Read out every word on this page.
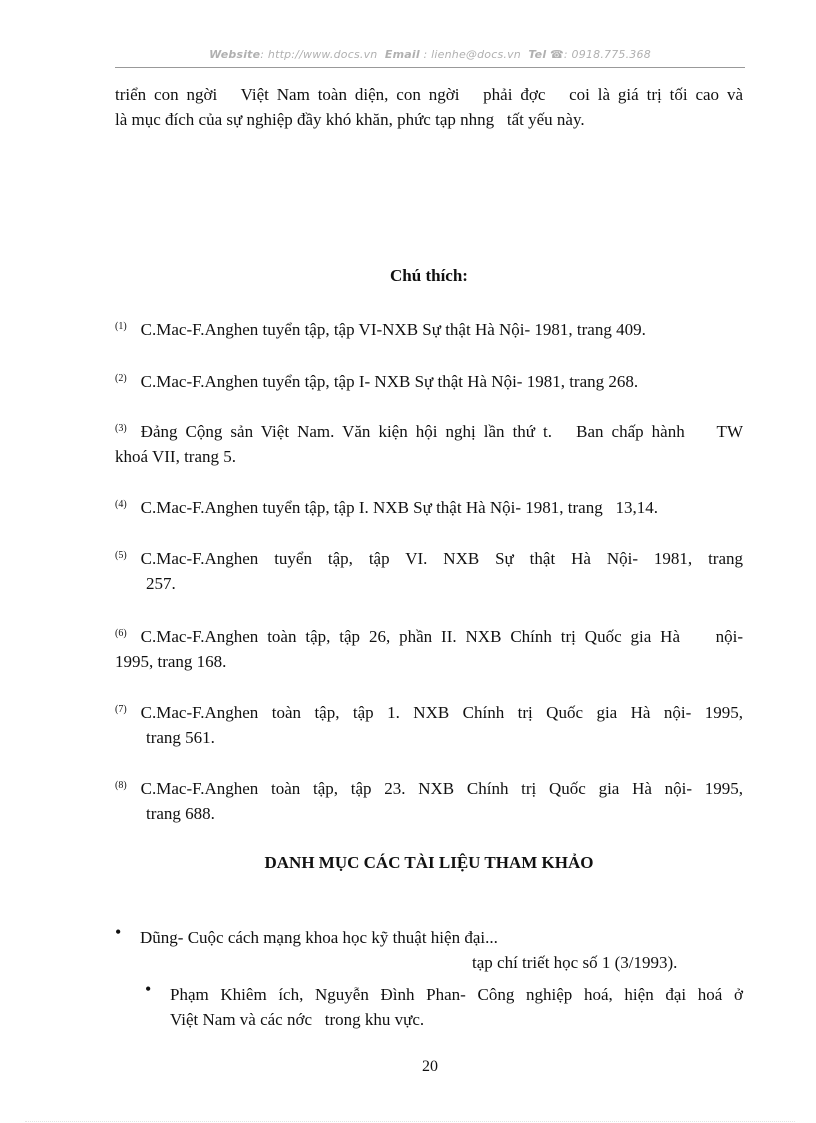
Website: http://www.docs.vn Email : lienhe@docs.vn Tel ☎: 0918.775.368
triển con ngời   Việt Nam toàn diện, con ngời   phải đợc   coi là giá trị tối cao và
là mục đích của sự nghiệp đầy khó khăn, phức tạp nhng   tất yếu này.
Chú thích:
$^{(1)}$ C.Mac-F.Anghen tuyển tập, tập VI-NXB Sự thật Hà Nội- 1981, trang 409.
$^{(2)}$ C.Mac-F.Anghen tuyển tập, tập I- NXB Sự thật Hà Nội- 1981, trang 268.
$^{(3)}$ Đảng Cộng sản Việt Nam. Văn kiện hội nghị lần thứ t.   Ban chấp hành    TW
khoá VII, trang 5.
$^{(4)}$ C.Mac-F.Anghen tuyển tập, tập I. NXB Sự thật Hà Nội- 1981, trang   13,14.
$^{(5)}$ C.Mac-F.Anghen  tuyển  tập,  tập  VI.  NXB  Sự  thật  Hà  Nội-  1981,  trang
257.
$^{(6)}$ C.Mac-F.Anghen toàn tập, tập 26, phần II. NXB Chính trị Quốc gia Hà    nội-
1995, trang 168.
$^{(7)}$ C.Mac-F.Anghen  toàn  tập,  tập  1.  NXB  Chính  trị  Quốc  gia  Hà  nội-  1995,
trang 561.
$^{(8)}$ C.Mac-F.Anghen  toàn  tập,  tập  23.  NXB  Chính  trị  Quốc  gia  Hà  nội-  1995,
trang 688.
DANH MỤC CÁC TÀI LIỆU THAM KHẢO
• Dũng- Cuộc cách mạng khoa học kỹ thuật hiện đại...
tạp chí triết học số 1 (3/1993).
• Phạm Khiêm ích, Nguyễn Đình Phan- Công nghiệp hoá, hiện đại hoá ở
Việt Nam và các nớc   trong khu vực.
20
